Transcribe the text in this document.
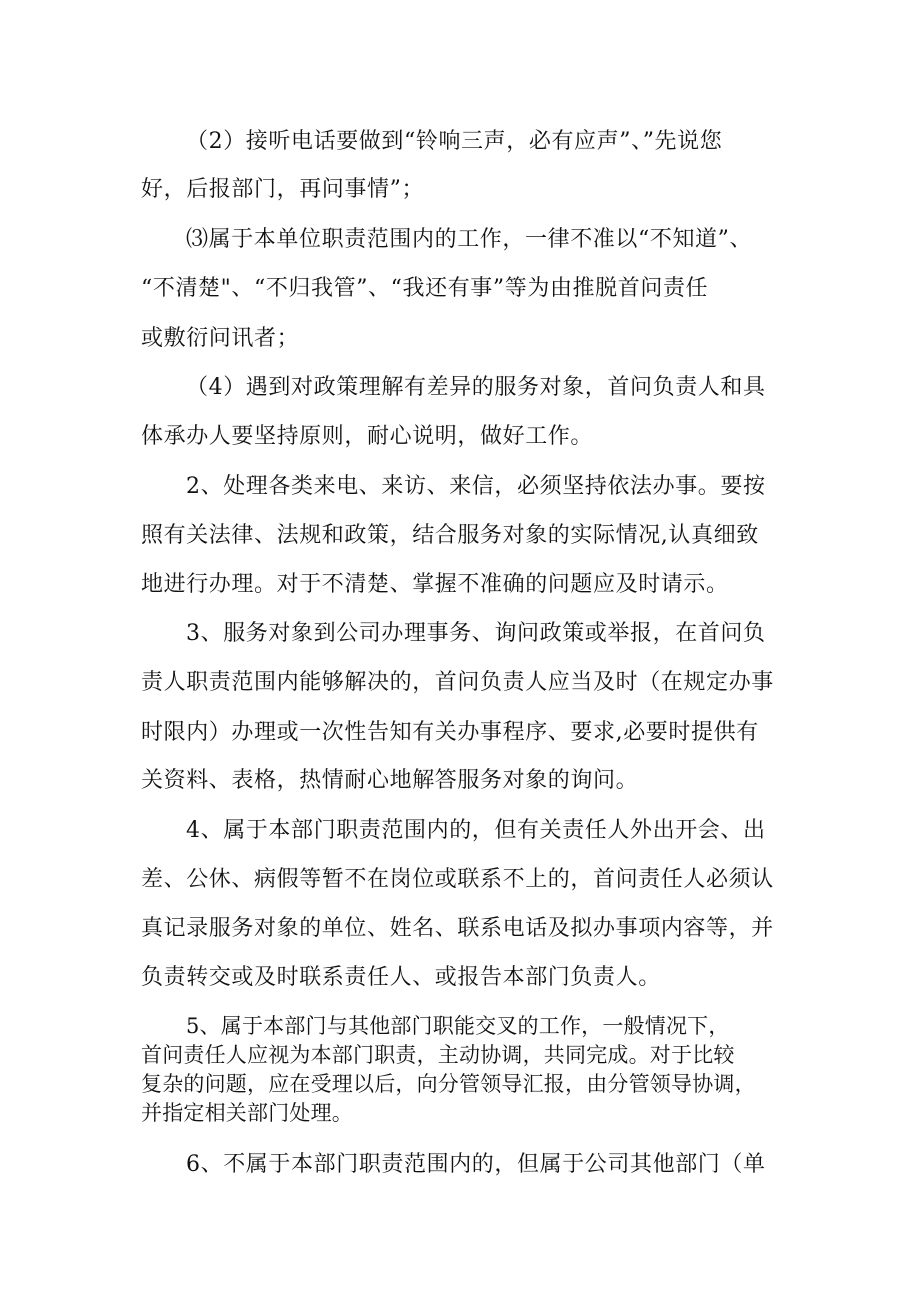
（2）接听电话要做到“铃响三声，必有应声”、”先说您
好，后报部门，再问事情”；
⑶属于本单位职责范围内的工作，一律不准以“不知道”、
“不清楚"、“不归我管”、“我还有事”等为由推脱首问责任
或敷衍问讯者；
（4）遇到对政策理解有差异的服务对象，首问负责人和具
体承办人要坚持原则，耐心说明，做好工作。
2、处理各类来电、来访、来信，必须坚持依法办事。要按
照有关法律、法规和政策，结合服务对象的实际情况,认真细致
地进行办理。对于不清楚、掌握不准确的问题应及时请示。
3、服务对象到公司办理事务、询问政策或举报，在首问负
责人职责范围内能够解决的，首问负责人应当及时（在规定办事
时限内）办理或一次性告知有关办事程序、要求,必要时提供有
关资料、表格，热情耐心地解答服务对象的询问。
4、属于本部门职责范围内的，但有关责任人外出开会、出
差、公休、病假等暂不在岗位或联系不上的，首问责任人必须认
真记录服务对象的单位、姓名、联系电话及拟办事项内容等，并
负责转交或及时联系责任人、或报告本部门负责人。
5、属于本部门与其他部门职能交叉的工作，一般情况下，
首问责任人应视为本部门职责，主动协调，共同完成。对于比较
复杂的问题，应在受理以后，向分管领导汇报，由分管领导协调，
并指定相关部门处理。
6、不属于本部门职责范围内的，但属于公司其他部门（单
